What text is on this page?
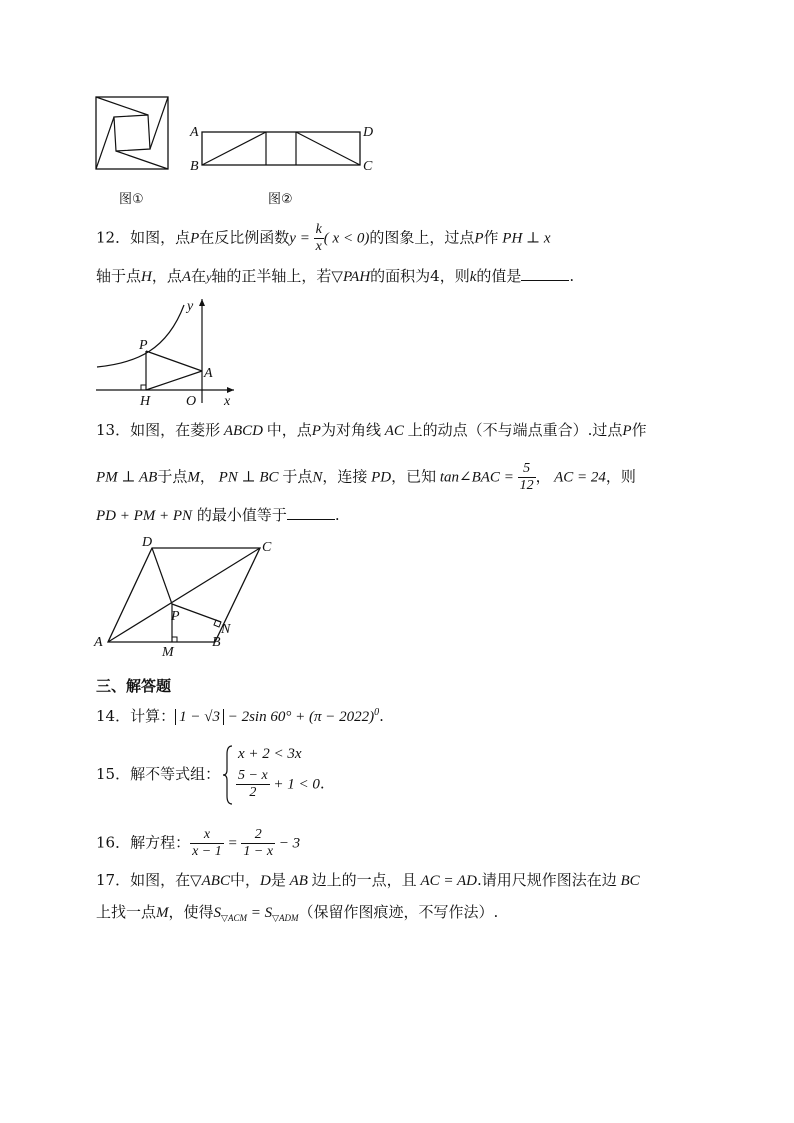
图①
A
B
D
C
图②
12．如图，点P在反比例函数$y = \frac{k}{x}$ ( x < 0)的图象上，过点P作 PH ⊥ x
轴于点H，点A在y轴的正半轴上，若▽PAH的面积为4，则k的值是	.
y
x
P
A
H	O
13．如图，在菱形 ABCD 中，点P为对角线 AC 上的动点（不与端点重合）.过点P作
PM ⊥ AB于点M， PN ⊥ BC 于点N，连接 PD，已知 tan∠BAC = $\frac{5}{12}$ ， AC = 24，则
PD + PM + PN 的最小值等于	.
D	C
A	B
P
M
N
三、解答题
14．计算： 1 − √3 − 2sin $60^\circ + (\pi - 2022)^0$.
15．解不等式组：
x + 2 < 3x
$\frac{5 - x}{2} + 1 < 0$.
16．解方程： $\frac{x}{x - 1} = \frac{2}{1 - x} - 3$
17．如图，在▽ABC中，D是 AB 边上的一点，且 AC = AD.请用尺规作图法在边 BC
上找一点M，使得$S_{▽ACM} = S_{▽ADM}$（保留作图痕迹，不写作法）.
